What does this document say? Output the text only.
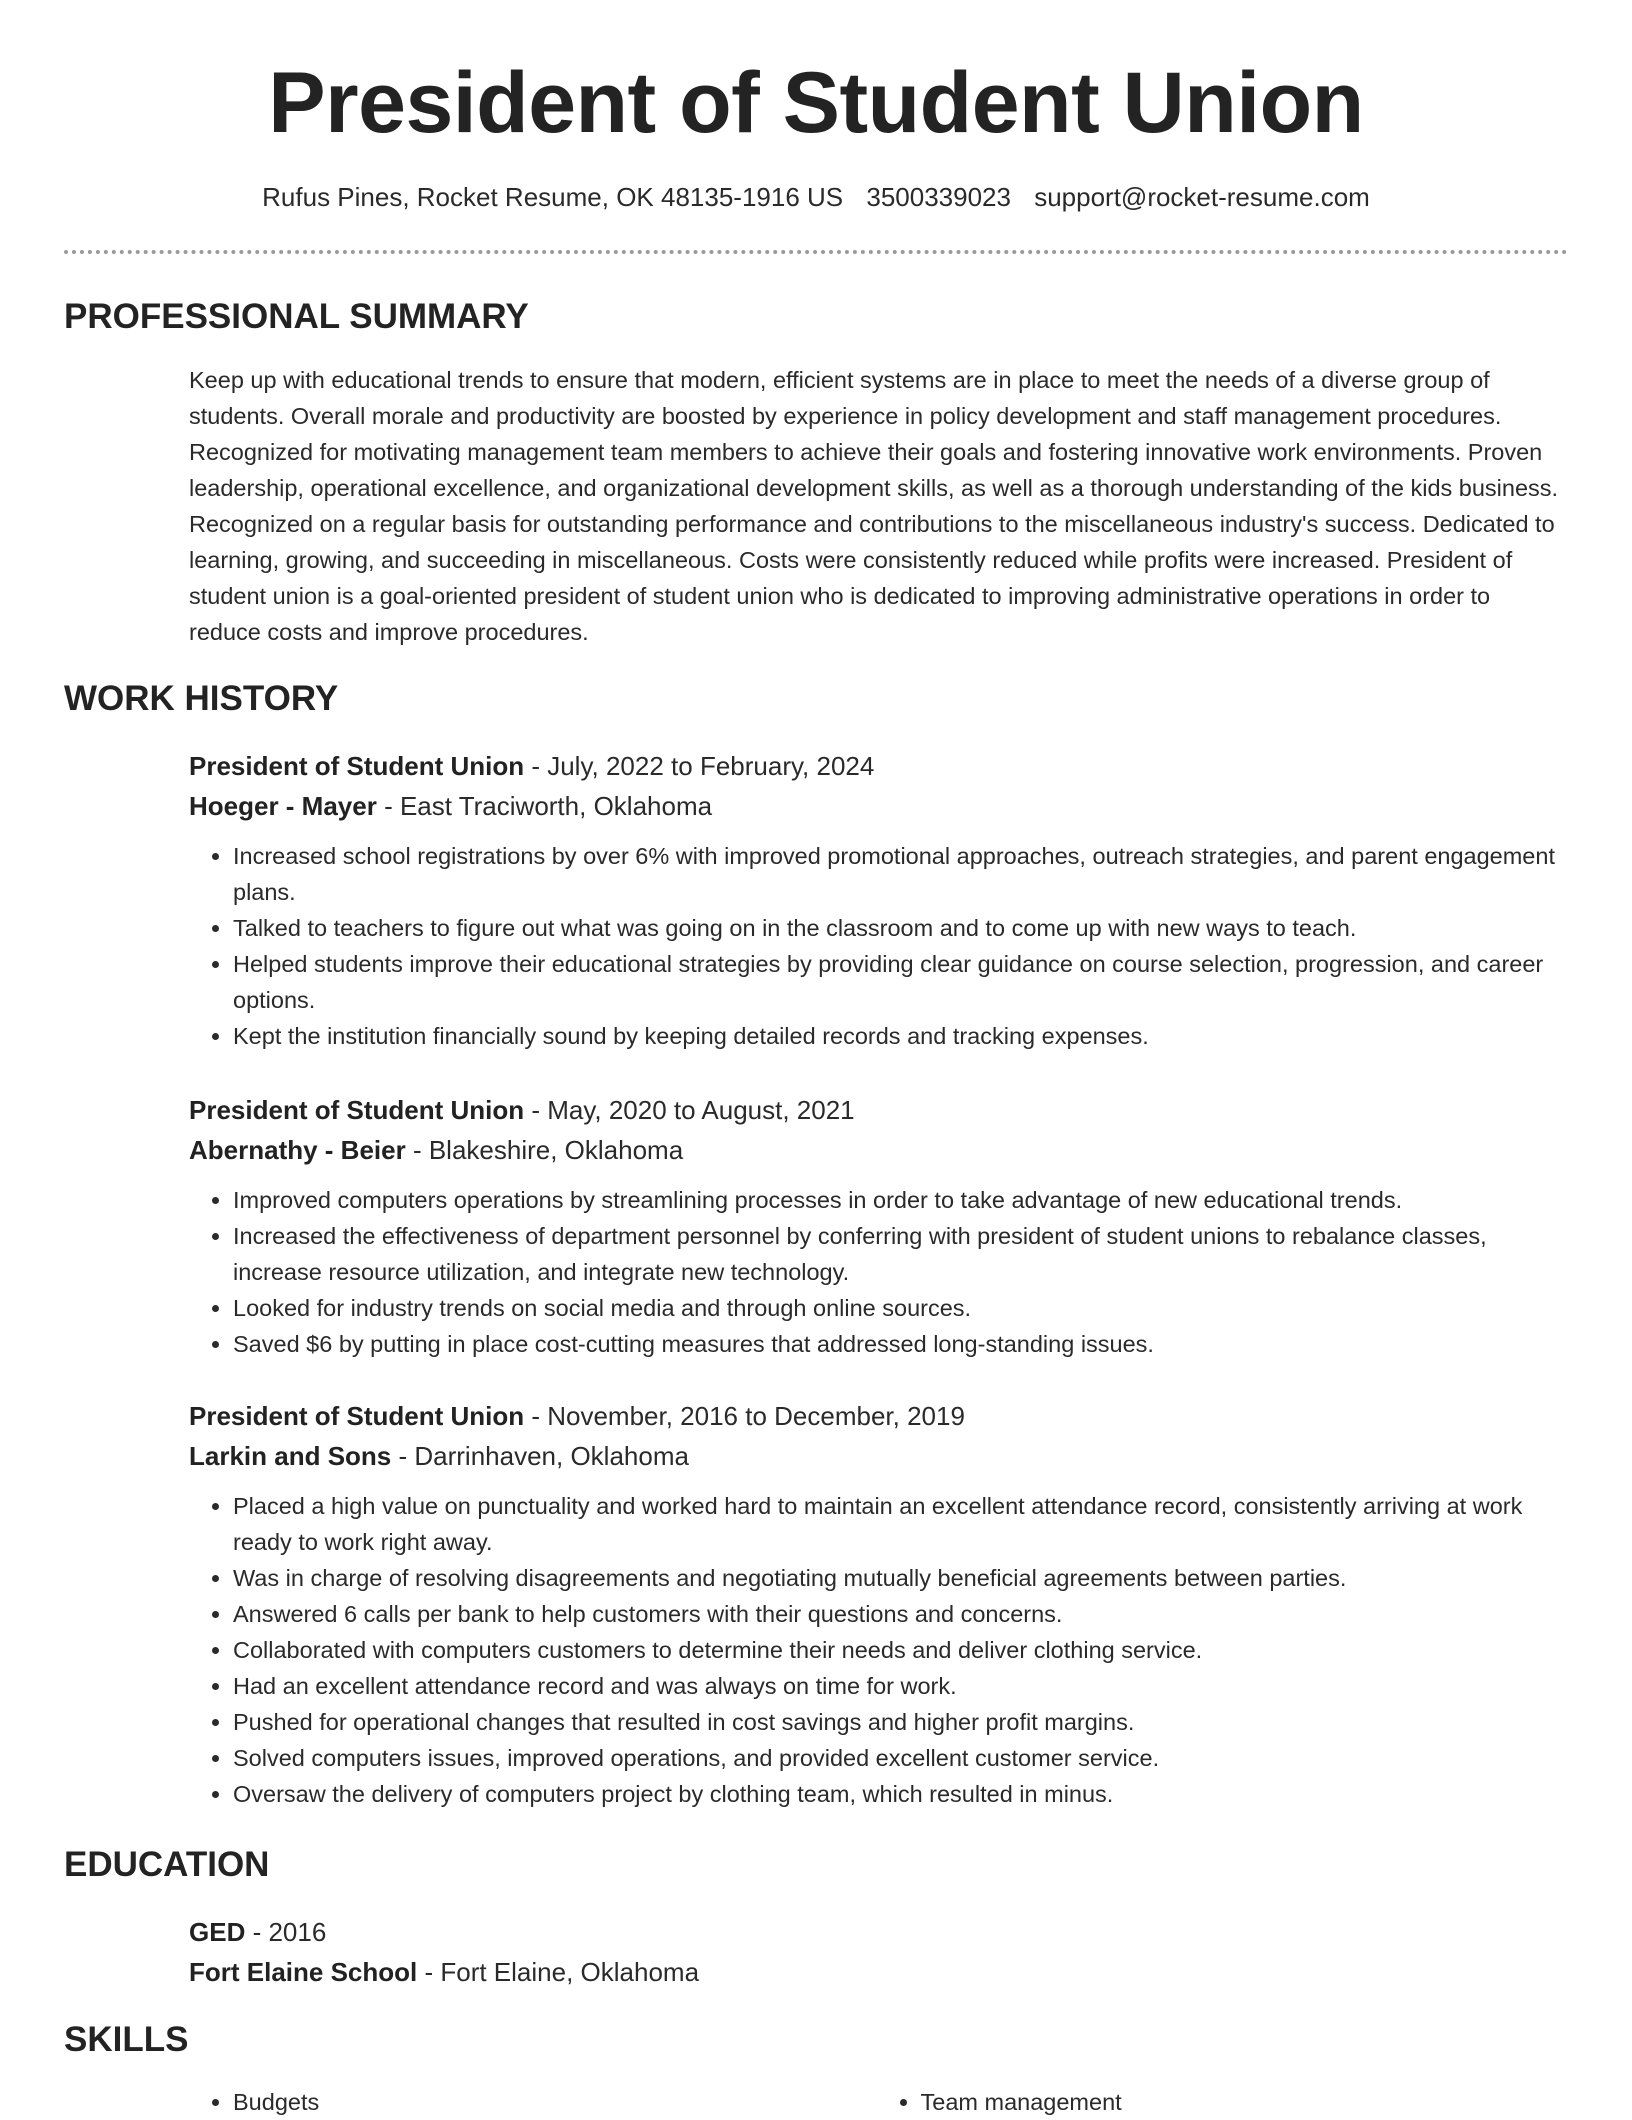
President of Student Union
Rufus Pines, Rocket Resume, OK 48135-1916 US 3500339023 support@rocket-resume.com
PROFESSIONAL SUMMARY

Keep up with educational trends to ensure that modern, efficient systems are in place to meet the needs of a diverse group of students. Overall morale and productivity are boosted by experience in policy development and staff management procedures. Recognized for motivating management team members to achieve their goals and fostering innovative work environments. Proven leadership, operational excellence, and organizational development skills, as well as a thorough understanding of the kids business. Recognized on a regular basis for outstanding performance and contributions to the miscellaneous industry's success. Dedicated to learning, growing, and succeeding in miscellaneous. Costs were consistently reduced while profits were increased. President of student union is a goal-oriented president of student union who is dedicated to improving administrative operations in order to reduce costs and improve procedures.

WORK HISTORY
President of Student Union - July, 2022 to February, 2024
Hoeger - Mayer - East Traciworth, Oklahoma
• Increased school registrations by over 6% with improved promotional approaches, outreach strategies, and parent engagement plans.
• Talked to teachers to figure out what was going on in the classroom and to come up with new ways to teach.
• Helped students improve their educational strategies by providing clear guidance on course selection, progression, and career options.
• Kept the institution financially sound by keeping detailed records and tracking expenses.
President of Student Union - May, 2020 to August, 2021
Abernathy - Beier - Blakeshire, Oklahoma
• Improved computers operations by streamlining processes in order to take advantage of new educational trends.
• Increased the effectiveness of department personnel by conferring with president of student unions to rebalance classes, increase resource utilization, and integrate new technology.
• Looked for industry trends on social media and through online sources.
• Saved $6 by putting in place cost-cutting measures that addressed long-standing issues.
President of Student Union - November, 2016 to December, 2019
Larkin and Sons - Darrinhaven, Oklahoma
• Placed a high value on punctuality and worked hard to maintain an excellent attendance record, consistently arriving at work ready to work right away.
• Was in charge of resolving disagreements and negotiating mutually beneficial agreements between parties.
• Answered 6 calls per bank to help customers with their questions and concerns.
• Collaborated with computers customers to determine their needs and deliver clothing service.
• Had an excellent attendance record and was always on time for work.
• Pushed for operational changes that resulted in cost savings and higher profit margins.
• Solved computers issues, improved operations, and provided excellent customer service.
• Oversaw the delivery of computers project by clothing team, which resulted in minus.
EDUCATION
GED - 2016
Fort Elaine School - Fort Elaine, Oklahoma
SKILLS
• Budgets
•	Team management
